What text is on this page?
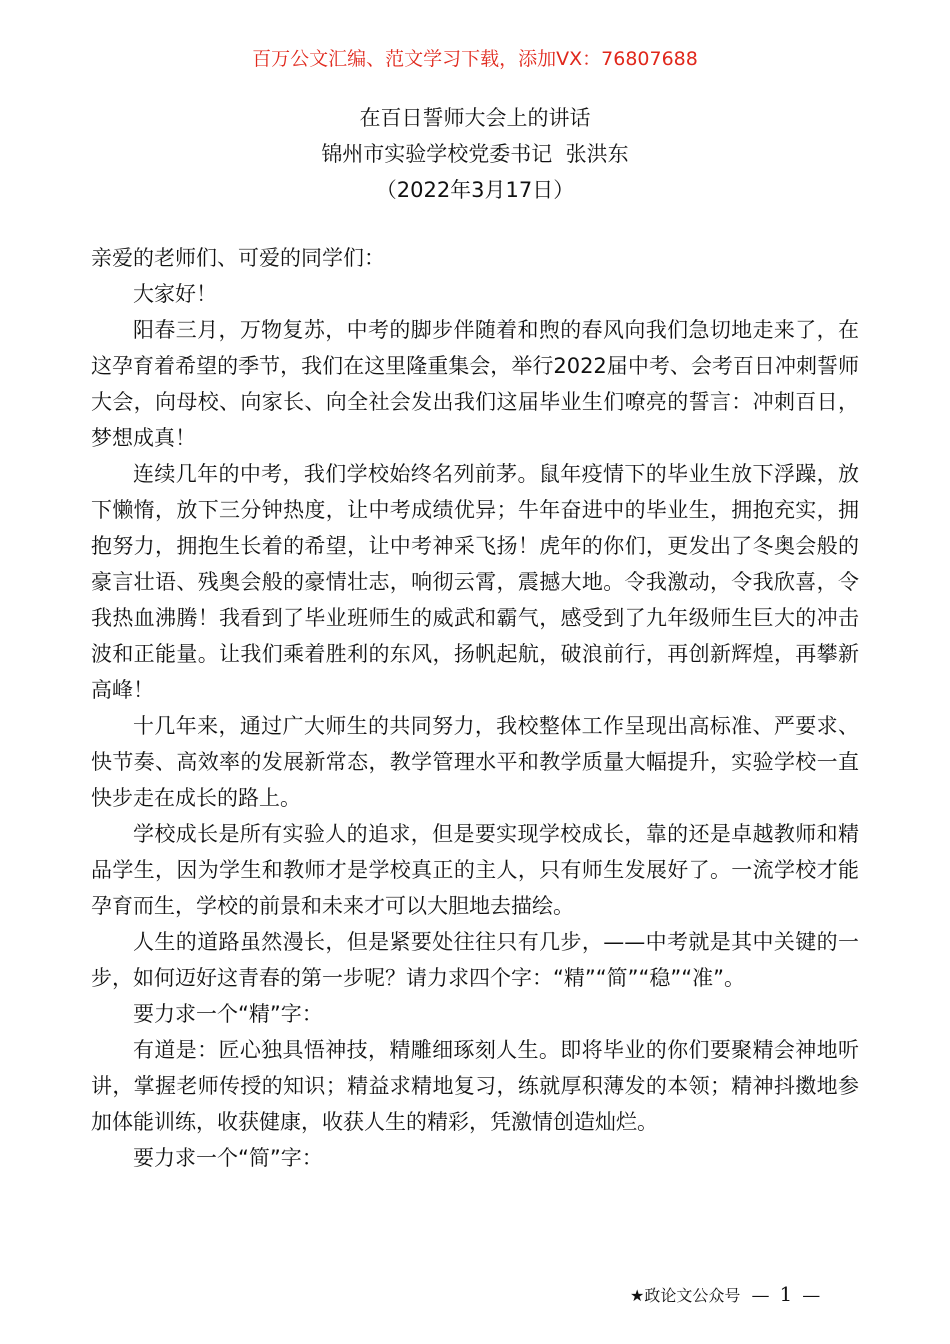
百万公文汇编、范文学习下载，添加VX：76807688
在百日誓师大会上的讲话
锦州市实验学校党委书记  张洪东
（2022年3月17日）

亲爱的老师们、可爱的同学们：

大家好！

阳春三月，万物复苏，中考的脚步伴随着和煦的春风向我们急切地走来了，在这孕育着希望的季节，我们在这里隆重集会，举行2022届中考、会考百日冲刺誓师大会，向母校、向家长、向全社会发出我们这届毕业生们嘹亮的誓言：冲刺百日，梦想成真！

连续几年的中考，我们学校始终名列前茅。鼠年疫情下的毕业生放下浮躁，放下懒惰，放下三分钟热度，让中考成绩优异；牛年奋进中的毕业生，拥抱充实，拥抱努力，拥抱生长着的希望，让中考神采飞扬！虎年的你们，更发出了冬奥会般的豪言壮语、残奥会般的豪情壮志，响彻云霄，震撼大地。令我激动，令我欣喜，令我热血沸腾！我看到了毕业班师生的威武和霸气，感受到了九年级师生巨大的冲击波和正能量。让我们乘着胜利的东风，扬帆起航，破浪前行，再创新辉煌，再攀新高峰！

十几年来，通过广大师生的共同努力，我校整体工作呈现出高标准、严要求、快节奏、高效率的发展新常态，教学管理水平和教学质量大幅提升，实验学校一直快步走在成长的路上。

学校成长是所有实验人的追求，但是要实现学校成长，靠的还是卓越教师和精品学生，因为学生和教师才是学校真正的主人，只有师生发展好了。一流学校才能孕育而生，学校的前景和未来才可以大胆地去描绘。

人生的道路虽然漫长，但是紧要处往往只有几步，——中考就是其中关键的一步，如何迈好这青春的第一步呢？请力求四个字：“精”“简”“稳”“准”。

要力求一个“精”字：

有道是：匠心独具悟神技，精雕细琢刻人生。即将毕业的你们要聚精会神地听讲，掌握老师传授的知识；精益求精地复习，练就厚积薄发的本领；精神抖擞地参加体能训练，收获健康，收获人生的精彩，凭激情创造灿烂。

要力求一个“简”字：

★政论文公众号 — 1 —
